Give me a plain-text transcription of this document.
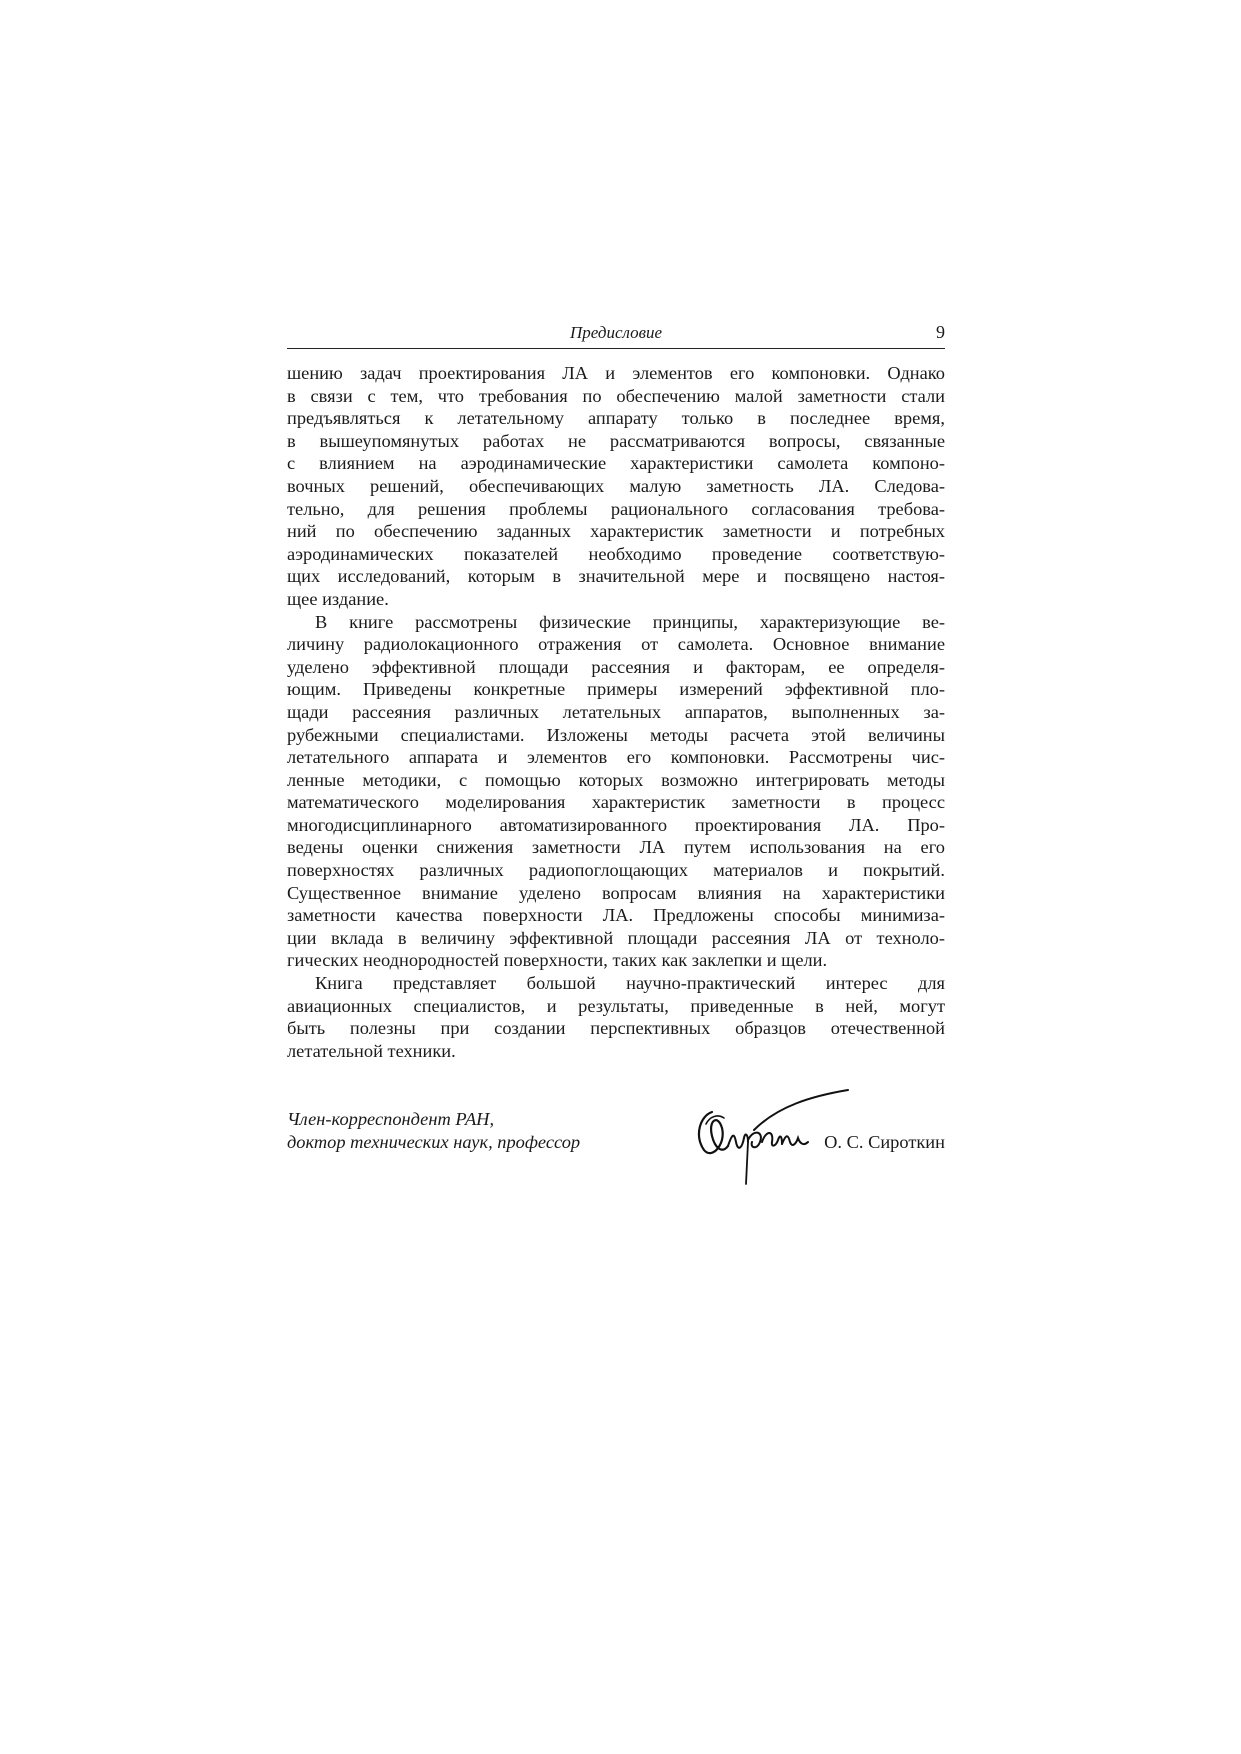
Предисловие	9
шению задач проектирования ЛА и элементов его компоновки. Однако
в связи с тем, что требования по обеспечению малой заметности стали
предъявляться к летательному аппарату только в последнее время,
в вышеупомянутых работах не рассматриваются вопросы, связанные
с влиянием на аэродинамические характеристики самолета компоно-
вочных решений, обеспечивающих малую заметность ЛА. Следова-
тельно, для решения проблемы рационального согласования требова-
ний по обеспечению заданных характеристик заметности и потребных
аэродинамических показателей необходимо проведение соответствую-
щих исследований, которым в значительной мере и посвящено настоя-
щее издание.
В книге рассмотрены физические принципы, характеризующие ве-
личину радиолокационного отражения от самолета. Основное внимание
уделено эффективной площади рассеяния и факторам, ее определя-
ющим. Приведены конкретные примеры измерений эффективной пло-
щади рассеяния различных летательных аппаратов, выполненных за-
рубежными специалистами. Изложены методы расчета этой величины
летательного аппарата и элементов его компоновки. Рассмотрены чис-
ленные методики, с помощью которых возможно интегрировать методы
математического моделирования характеристик заметности в процесс
многодисциплинарного автоматизированного проектирования ЛА. Про-
ведены оценки снижения заметности ЛА путем использования на его
поверхностях различных радиопоглощающих материалов и покрытий.
Существенное внимание уделено вопросам влияния на характеристики
заметности качества поверхности ЛА. Предложены способы минимиза-
ции вклада в величину эффективной площади рассеяния ЛА от техноло-
гических неоднородностей поверхности, таких как заклепки и щели.
Книга представляет большой научно-практический интерес для
авиационных специалистов, и результаты, приведенные в ней, могут
быть полезны при создании перспективных образцов отечественной
летательной техники.
Член-корреспондент РАН,
доктор технических наук, профессор	О. С. Сироткин
